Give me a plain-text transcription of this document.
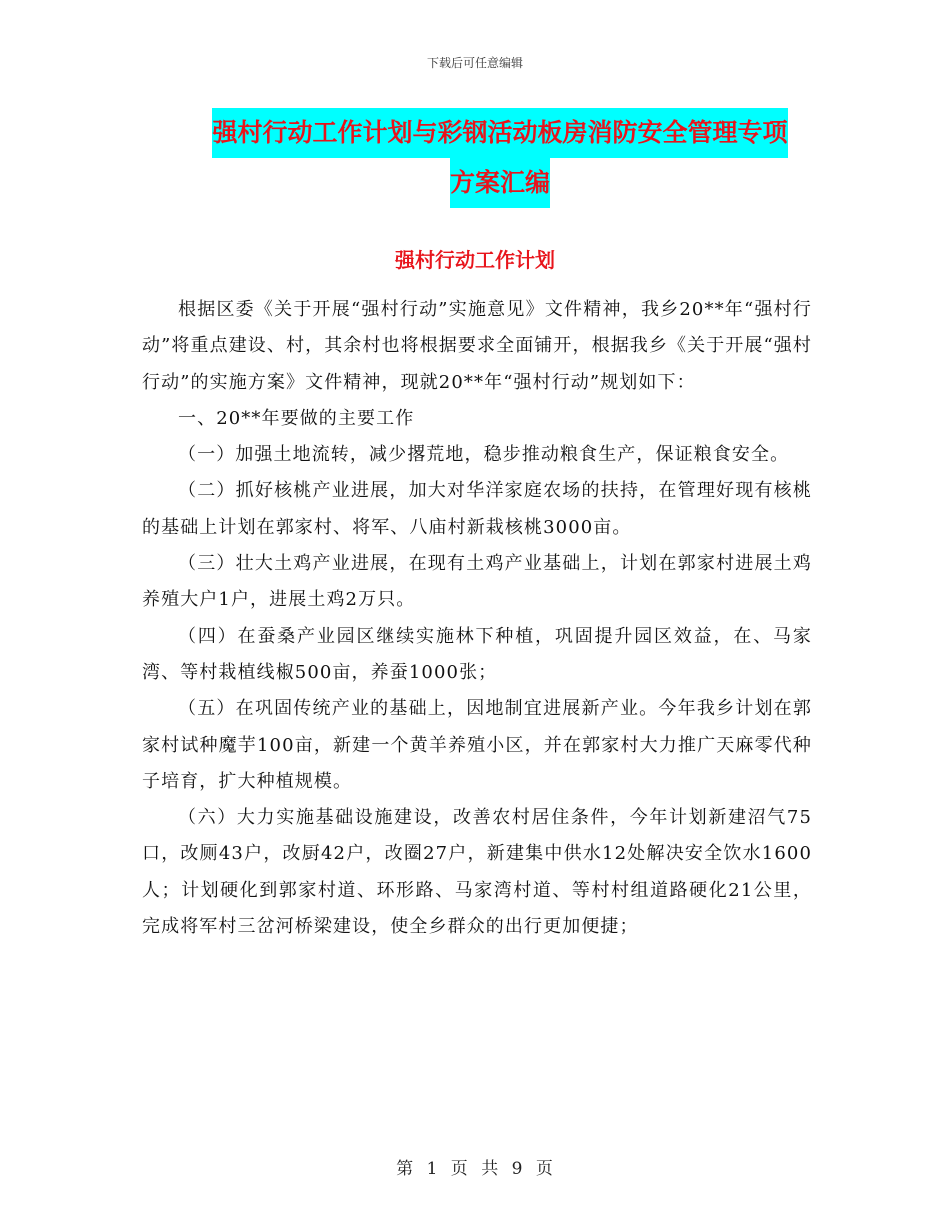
下载后可任意编辑
强村行动工作计划与彩钢活动板房消防安全管理专项
方案汇编
强村行动工作计划

根据区委《关于开展“强村行动”实施意见》文件精神，我乡20**年“强村行动”将重点建设、村，其余村也将根据要求全面铺开，根据我乡《关于开展“强村行动”的实施方案》文件精神，现就20**年“强村行动”规划如下：

一、20**年要做的主要工作

（一）加强土地流转，减少撂荒地，稳步推动粮食生产，保证粮食安全。

（二）抓好核桃产业进展，加大对华洋家庭农场的扶持，在管理好现有核桃的基础上计划在郭家村、将军、八庙村新栽核桃3000亩。

（三）壮大土鸡产业进展，在现有土鸡产业基础上，计划在郭家村进展土鸡养殖大户1户，进展土鸡2万只。

（四）在蚕桑产业园区继续实施林下种植，巩固提升园区效益，在、马家湾、等村栽植线椒500亩，养蚕1000张；

（五）在巩固传统产业的基础上，因地制宜进展新产业。今年我乡计划在郭家村试种魔芋100亩，新建一个黄羊养殖小区，并在郭家村大力推广天麻零代种子培育，扩大种植规模。

（六）大力实施基础设施建设，改善农村居住条件，今年计划新建沼气75口，改厕43户，改厨42户，改圈27户，新建集中供水12处解决安全饮水1600人；计划硬化到郭家村道、环形路、马家湾村道、等村村组道路硬化21公里，完成将军村三岔河桥梁建设，使全乡群众的出行更加便捷；

第 1 页 共 9 页
